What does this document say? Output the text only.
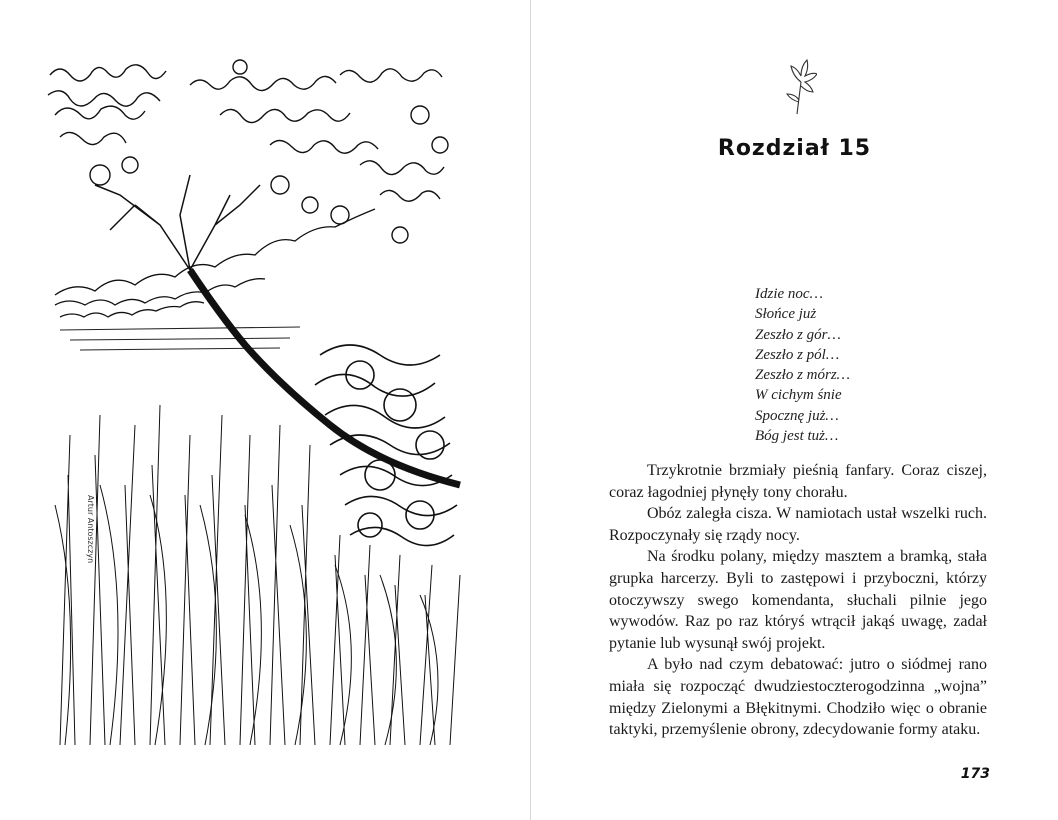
Artur Antoszczyn
Rozdział 15
Idzie noc…
Słońce już
Zeszło z gór…
Zeszło z pól…
Zeszło z mórz…
W cichym śnie
Spocznę już…
Bóg jest tuż…

Trzykrotnie brzmiały pieśnią fanfary. Coraz ciszej, coraz łagodniej płynęły tony chorału.

Obóz zaległa cisza. W namiotach ustał wszelki ruch. Rozpoczynały się rządy nocy.

Na środku polany, między masztem a bramką, stała grupka harcerzy. Byli to zastępowi i przyboczni, którzy otoczywszy swego komendanta, słuchali pilnie jego wywodów. Raz po raz któryś wtrącił jakąś uwagę, zadał pytanie lub wysunął swój projekt.

A było nad czym debatować: jutro o siódmej rano miała się rozpocząć dwudziestoczterogodzinna „wojna” między Zielonymi a Błękitnymi. Chodziło więc o obranie taktyki, przemyślenie obrony, zdecydowanie formy ataku.

173
